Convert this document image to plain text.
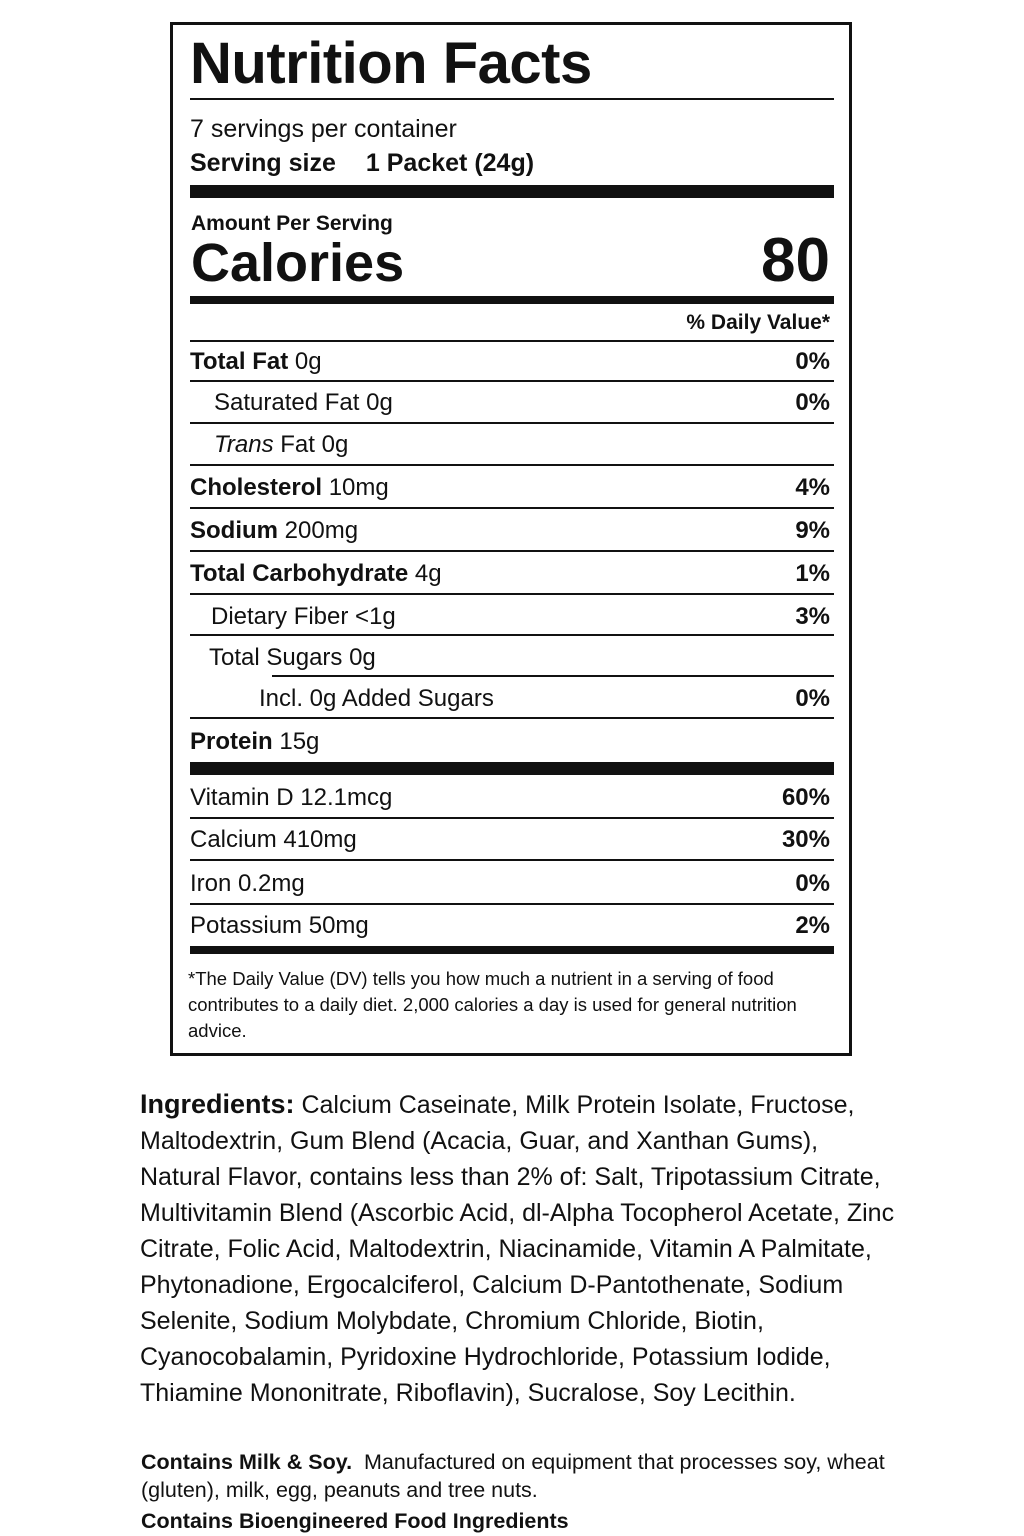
Nutrition Facts
7 servings per container
Serving size 1 Packet (24g)
Amount Per Serving
Calories	80
% Daily Value*
Total Fat 0g	0%
Saturated Fat 0g	0%
Trans Fat 0g
Cholesterol 10mg	4%
Sodium 200mg	9%
Total Carbohydrate 4g	1%
Dietary Fiber <1g	3%
Total Sugars 0g
Incl. 0g Added Sugars	0%
Protein 15g
Vitamin D 12.1mcg	60%
Calcium 410mg	30%
Iron 0.2mg	0%
Potassium 50mg	2%
*The Daily Value (DV) tells you how much a nutrient in a serving of food contributes to a daily diet. 2,000 calories a day is used for general nutrition advice.
Ingredients: Calcium Caseinate, Milk Protein Isolate, Fructose, Maltodextrin, Gum Blend (Acacia, Guar, and Xanthan Gums), Natural Flavor, contains less than 2% of: Salt, Tripotassium Citrate, Multivitamin Blend (Ascorbic Acid, dl-Alpha Tocopherol Acetate, Zinc Citrate, Folic Acid, Maltodextrin, Niacinamide, Vitamin A Palmitate, Phytonadione, Ergocalciferol, Calcium D-Pantothenate, Sodium Selenite, Sodium Molybdate, Chromium Chloride, Biotin, Cyanocobalamin, Pyridoxine Hydrochloride, Potassium Iodide, Thiamine Mononitrate, Riboflavin), Sucralose, Soy Lecithin.
Contains Milk & Soy. Manufactured on equipment that processes soy, wheat (gluten), milk, egg, peanuts and tree nuts.
Contains Bioengineered Food Ingredients
